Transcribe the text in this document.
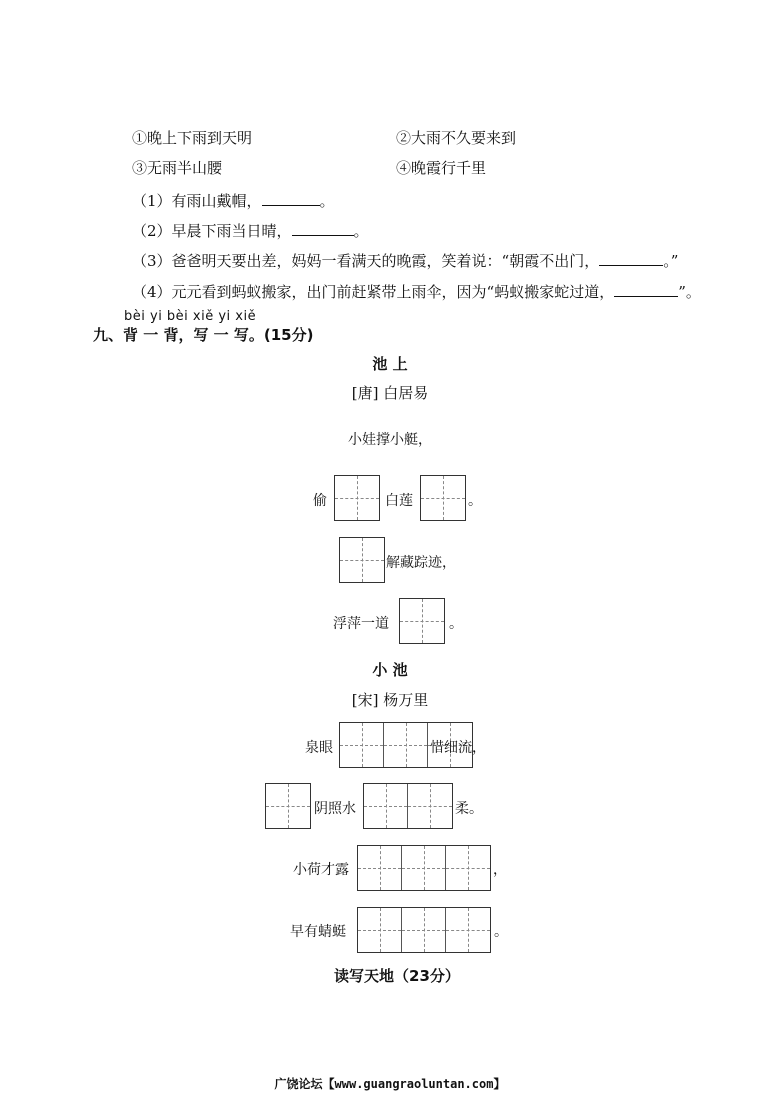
①晚上下雨到天明	②大雨不久要来到
③无雨半山腰	④晚霞行千里
（1）有雨山戴帽，	。
（2）早晨下雨当日晴，	。
（3）爸爸明天要出差，妈妈一看满天的晚霞，笑着说：“朝霞不出门，	。”
（4）元元看到蚂蚁搬家，出门前赶紧带上雨伞，因为“蚂蚁搬家蛇过道，	”。
bèi yi bèi xiě yi xiě
九、背 一 背，写 一 写。(15分)
池 上
[唐] 白居易
小娃撑小艇，
偷	白莲	。
解藏踪迹，
浮萍一道	。
小 池
[宋] 杨万里
泉眼	惜细流，
阴照水	柔。
小荷才露	，
早有蜻蜓	。
读写天地（23分）
广饶论坛【www.guangraoluntan.com】
